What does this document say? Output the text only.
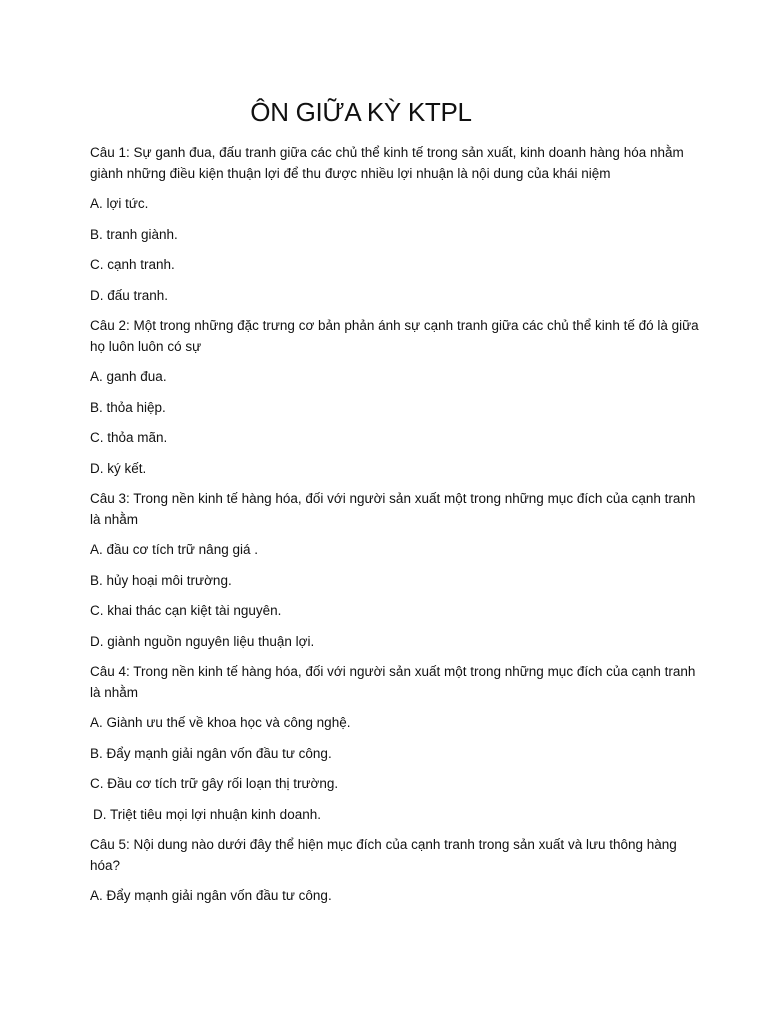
ÔN GIỮA KỲ KTPL

Câu 1: Sự ganh đua, đấu tranh giữa các chủ thể kinh tế trong sản xuất, kinh doanh hàng hóa nhằm giành những điều kiện thuận lợi để thu được nhiều lợi nhuận là nội dung của khái niệm

A. lợi tức.

B. tranh giành.

C. cạnh tranh.

D. đấu tranh.

Câu 2: Một trong những đặc trưng cơ bản phản ánh sự cạnh tranh giữa các chủ thể kinh tế đó là giữa họ luôn luôn có sự

A. ganh đua.

B. thỏa hiệp.

C. thỏa mãn.

D. ký kết.

Câu 3: Trong nền kinh tế hàng hóa, đối với người sản xuất một trong những mục đích của cạnh tranh là nhằm

A. đầu cơ tích trữ nâng giá .

B. hủy hoại môi trường.

C. khai thác cạn kiệt tài nguyên.

D. giành nguồn nguyên liệu thuận lợi.

Câu 4: Trong nền kinh tế hàng hóa, đối với người sản xuất một trong những mục đích của cạnh tranh là nhằm

A. Giành ưu thế về khoa học và công nghệ.

B. Đẩy mạnh giải ngân vốn đầu tư công.

C. Đầu cơ tích trữ gây rối loạn thị trường.

D. Triệt tiêu mọi lợi nhuận kinh doanh.

Câu 5: Nội dung nào dưới đây thể hiện mục đích của cạnh tranh trong sản xuất và lưu thông hàng hóa?

A. Đẩy mạnh giải ngân vốn đầu tư công.
